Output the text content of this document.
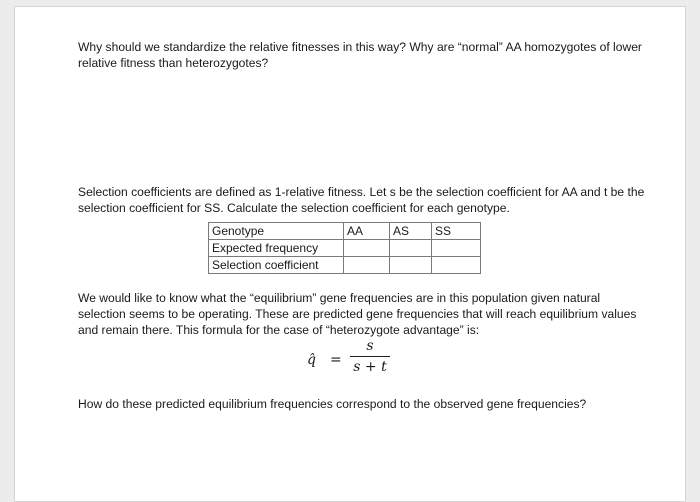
Why should we standardize the relative fitnesses in this way? Why are “normal” AA homozygotes of lower relative fitness than heterozygotes?

Selection coefficients are defined as 1-relative fitness. Let s be the selection coefficient for AA and t be the selection coefficient for SS. Calculate the selection coefficient for each genotype.

Genotype	AA	AS	SS
Expected frequency			
Selection coefficient			

We would like to know what the “equilibrium” gene frequencies are in this population given natural selection seems to be operating. These are predicted gene frequencies that will reach equilibrium values and remain there. This formula for the case of “heterozygote advantage” is:

q̂ =
s
s + t

How do these predicted equilibrium frequencies correspond to the observed gene frequencies?
